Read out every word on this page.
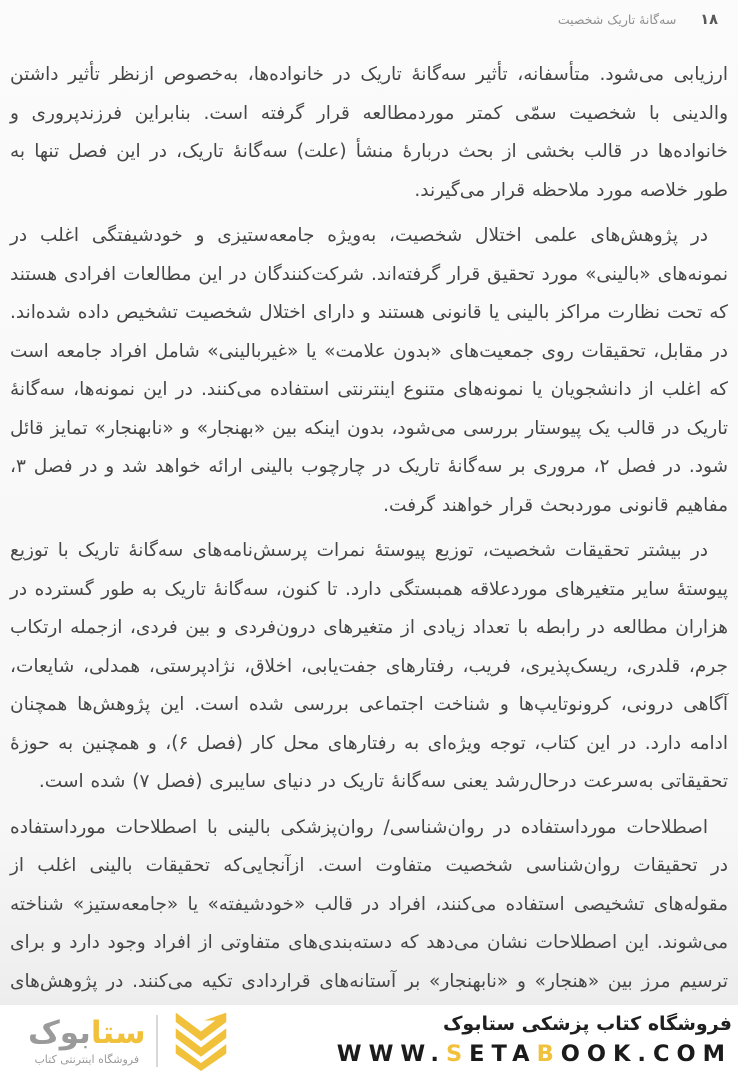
۱۸
سه‌گانهٔ تاریک شخصیت

ارزیابی می‌شود. متأسفانه، تأثیر سه‌گانهٔ تاریک در خانواده‌ها، به‌خصوص ازنظر تأثیر داشتن والدینی با شخصیت سمّی کمتر موردمطالعه قرار گرفته است. بنابراین فرزندپروری و خانواده‌ها در قالب بخشی از بحث دربارهٔ منشأ (علت) سه‌گانهٔ تاریک، در این فصل تنها به طور خلاصه مورد ملاحظه قرار می‌گیرند.

در پژوهش‌های علمی اختلال شخصیت، به‌ویژه جامعه‌ستیزی و خودشیفتگی اغلب در نمونه‌های «بالینی» مورد تحقیق قرار گرفته‌اند. شرکت‌کنندگان در این مطالعات افرادی هستند که تحت نظارت مراکز بالینی یا قانونی هستند و دارای اختلال شخصیت تشخیص داده شده‌اند. در مقابل، تحقیقات روی جمعیت‌های «بدون علامت» یا «غیربالینی» شامل افراد جامعه است که اغلب از دانشجویان یا نمونه‌های متنوع اینترنتی استفاده می‌کنند. در این نمونه‌ها، سه‌گانهٔ تاریک در قالب یک پیوستار بررسی می‌شود، بدون اینکه بین «بهنجار» و «نابهنجار» تمایز قائل شود. در فصل ۲، مروری بر سه‌گانهٔ تاریک در چارچوب بالینی ارائه خواهد شد و در فصل ۳، مفاهیم قانونی موردبحث قرار خواهند گرفت.

در بیشتر تحقیقات شخصیت، توزیع پیوستهٔ نمرات پرسش‌نامه‌های سه‌گانهٔ تاریک با توزیع پیوستهٔ سایر متغیرهای موردعلاقه همبستگی دارد. تا کنون، سه‌گانهٔ تاریک به طور گسترده در هزاران مطالعه در رابطه با تعداد زیادی از متغیرهای درون‌فردی و بین فردی، ازجمله ارتکاب جرم، قلدری، ریسک‌پذیری، فریب، رفتارهای جفت‌یابی، اخلاق، نژادپرستی، همدلی، شایعات، آگاهی درونی، کرونوتایپ‌ها و شناخت اجتماعی بررسی شده است. این پژوهش‌ها همچنان ادامه دارد. در این کتاب، توجه ویژه‌ای به رفتارهای محل کار (فصل ۶)، و همچنین به حوزهٔ تحقیقاتی به‌سرعت درحال‌رشد یعنی سه‌گانهٔ تاریک در دنیای سایبری (فصل ۷) شده است.

اصطلاحات مورداستفاده در روان‌شناسی/ روان‌پزشکی بالینی با اصطلاحات مورداستفاده در تحقیقات روان‌شناسی شخصیت متفاوت است. ازآنجایی‌که تحقیقات بالینی اغلب از مقوله‌های تشخیصی استفاده می‌کنند، افراد در قالب «خودشیفته» یا «جامعه‌ستیز» شناخته می‌شوند. این اصطلاحات نشان می‌دهد که دسته‌بندی‌های متفاوتی از افراد وجود دارد و برای ترسیم مرز بین «هنجار» و «نابهنجار» بر آستانه‌های قراردادی تکیه می‌کنند. در پژوهش‌های

فروشگاه کتاب پزشکی ستابوک
WWW.SETABOOK.COM
ستابوک
فروشگاه اینترنتی کتاب
